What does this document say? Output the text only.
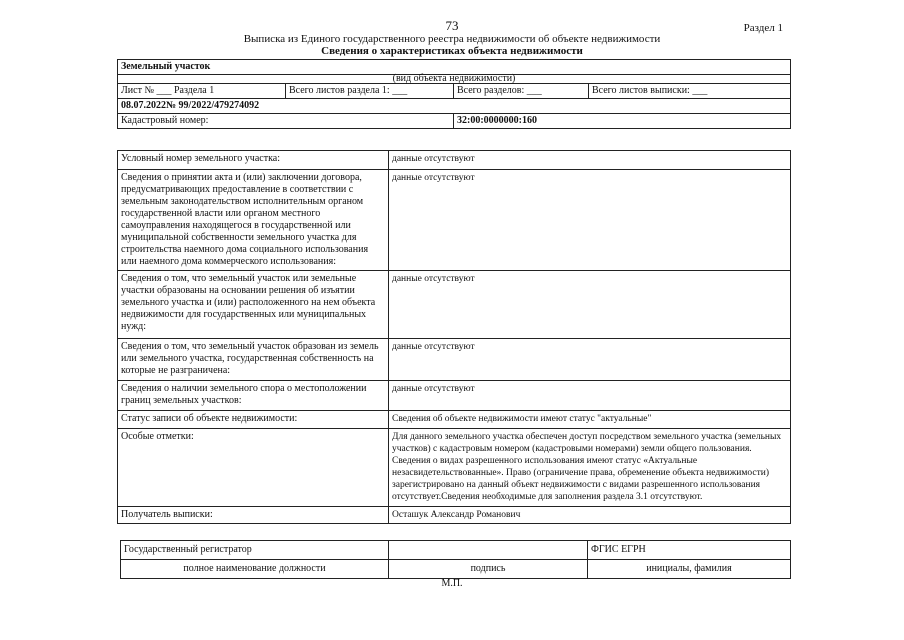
73	Раздел 1
Выписка из Единого государственного реестра недвижимости об объекте недвижимости
Сведения о характеристиках объекта недвижимости
Земельный участок			
(вид объекта недвижимости)			
Лист № ___ Раздела 1	Всего листов раздела 1: ___	Всего разделов: ___	Всего листов выписки: ___
08.07.2022№ 99/2022/479274092			
Кадастровый номер:		32:00:0000000:160	
Условный номер земельного участка:	данные отсутствуют
Сведения о принятии акта и (или) заключении договора, предусматривающих предоставление в соответствии с земельным законодательством исполнительным органом государственной власти или органом местного самоуправления находящегося в государственной или муниципальной собственности земельного участка для строительства наемного дома социального использования или наемного дома коммерческого использования:	данные отсутствуют
Сведения о том, что земельный участок или земельные участки образованы на основании решения об изъятии земельного участка и (или) расположенного на нем объекта недвижимости для государственных или муниципальных нужд:	данные отсутствуют
Сведения о том, что земельный участок образован из земель или земельного участка, государственная собственность на которые не разграничена:	данные отсутствуют
Сведения о наличии земельного спора о местоположении границ земельных участков:	данные отсутствуют
Статус записи об объекте недвижимости:	Сведения об объекте недвижимости имеют статус "актуальные"
Особые отметки:	Для данного земельного участка обеспечен доступ посредством земельного участка (земельных участков) с кадастровым номером (кадастровыми номерами) земли общего пользования. Сведения о видах разрешенного использования имеют статус «Актуальные незасвидетельствованные». Право (ограничение права, обременение объекта недвижимости) зарегистрировано на данный объект недвижимости с видами разрешенного использования отсутствует.Сведения необходимые для заполнения раздела 3.1 отсутствуют.
Получатель выписки:	Осташук Александр Романович
Государственный регистратор		ФГИС ЕГРН
полное наименование должности	подпись	инициалы, фамилия
М.П.
